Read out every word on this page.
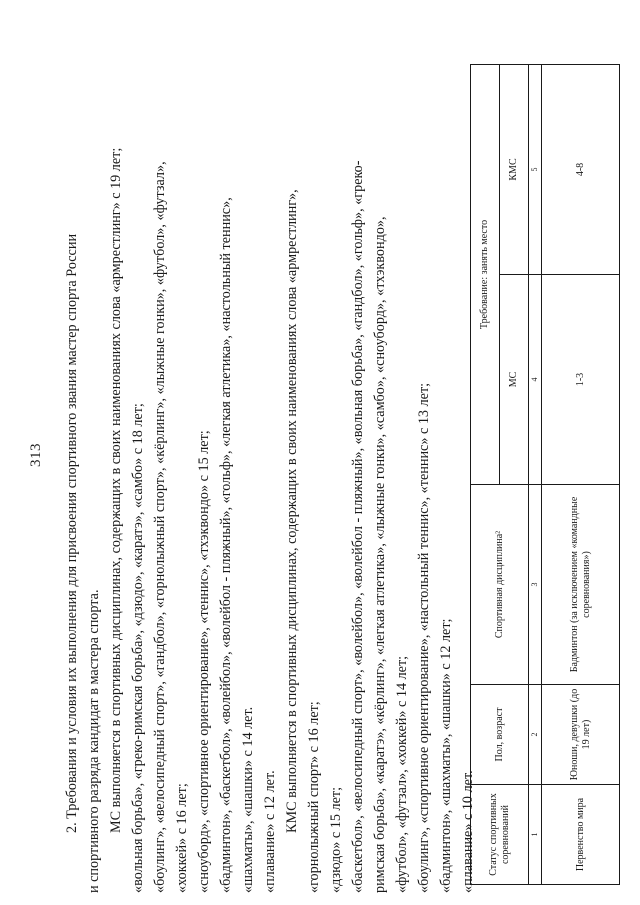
313 2. Требования и условия их выполнения для присвоения спортивного звания мастер спорта России и спортивного разряда кандидат в мастера спорта. МС выполняется в спортивных дисциплинах, содержащих в своих наименованиях слова «армрестлинг» с 19 лет; «вольная борьба», «греко-римская борьба», «дзюдо», «каратэ», «самбо» с 18 лет; «боулинг», «велосипедный спорт», «гандбол», «горнолыжный спорт», «кёрлинг», «лыжные гонки», «футбол», «футзал», «хоккей» с 16 лет; «сноуборд», «спортивное ориентирование», «теннис», «тхэквондо» с 15 лет; «бадминтон», «баскетбол», «волейбол», «волейбол - пляжный», «гольф», «легкая атлетика», «настольный теннис», «шахматы», «шашки» с 14 лет. «плавание» с 12 лет. КМС выполняется в спортивных дисциплинах, содержащих в своих наименованиях слова «армрестлинг», «горнолыжный спорт» с 16 лет; «дзюдо» с 15 лет; «баскетбол», «велосипедный спорт», «волейбол», «волейбол - пляжный», «вольная борьба», «гандбол», «гольф», «греко- римская борьба», «каратэ», «кёрлинг», «легкая атлетика», «лыжные гонки», «самбо», «сноуборд», «тхэквондо», «футбол», «футзал», «хоккей» с 14 лет; «боулинг», «спортивное ориентирование», «настольный теннис», «теннис» с 13 лет; «бадминтон», «шахматы», «шашки» с 12 лет; «плавание» с 10 лет. Статус спортивных соревнований	Пол, возраст	Спортивная дисциплина²	Требование: занять место	
			МС	КМС
1	2	3	4	5
Первенство мира	Юноши, девушки (до 19 лет)	Бадминтон (за исключением «командные соревнования»)	1-3	4-8
